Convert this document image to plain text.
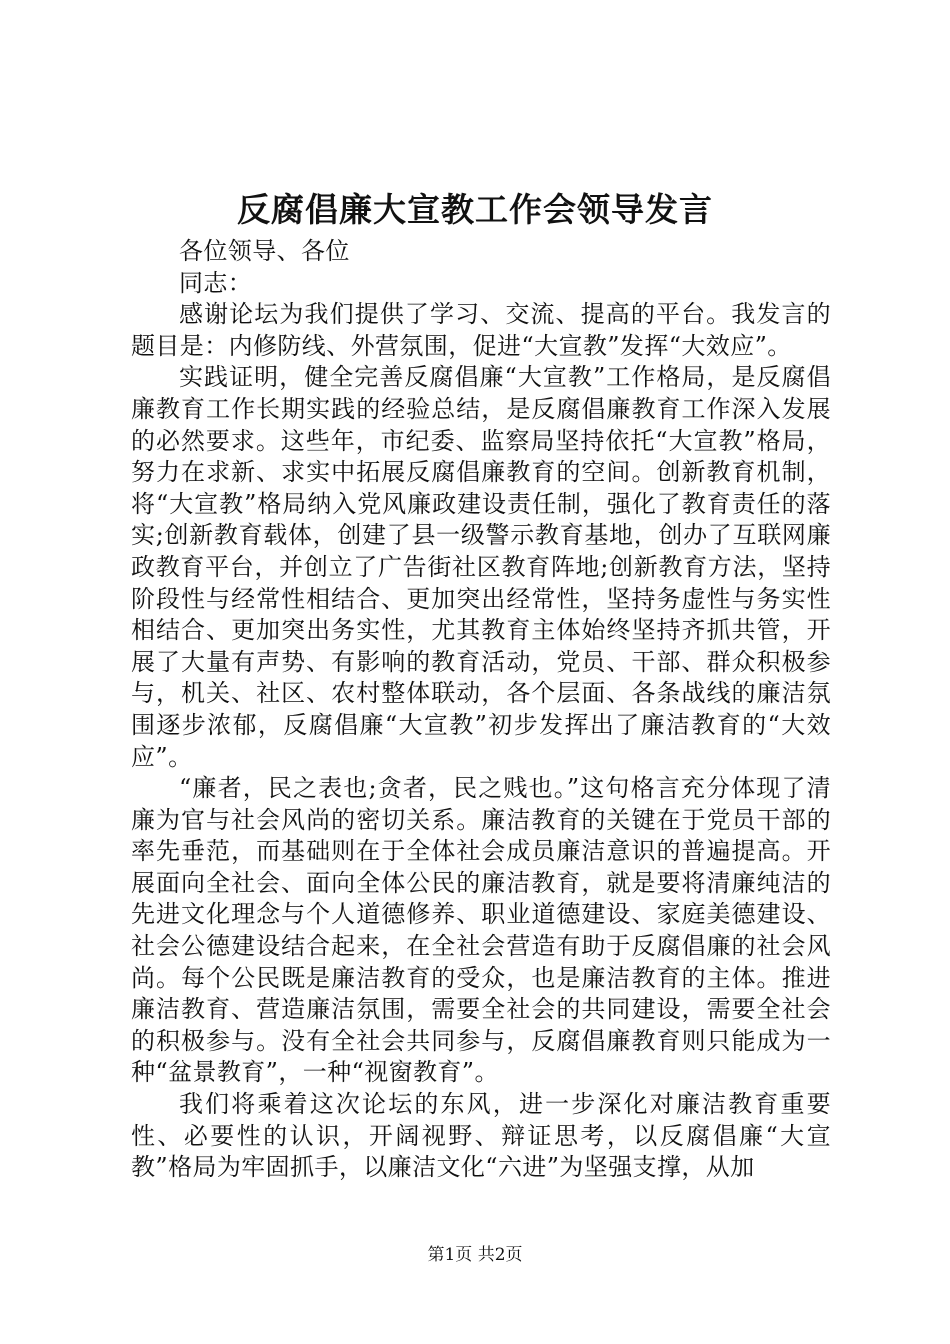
反腐倡廉大宣教工作会领导发言
各位领导、各位
同志：

感谢论坛为我们提供了学习、交流、提高的平台。我发言的题目是：内修防线、外营氛围，促进“大宣教”发挥“大效应”。

实践证明，健全完善反腐倡廉“大宣教”工作格局，是反腐倡廉教育工作长期实践的经验总结，是反腐倡廉教育工作深入发展的必然要求。这些年，市纪委、监察局坚持依托“大宣教”格局，努力在求新、求实中拓展反腐倡廉教育的空间。创新教育机制，将“大宣教”格局纳入党风廉政建设责任制，强化了教育责任的落实;创新教育载体，创建了县一级警示教育基地，创办了互联网廉政教育平台，并创立了广告街社区教育阵地;创新教育方法，坚持阶段性与经常性相结合、更加突出经常性，坚持务虚性与务实性相结合、更加突出务实性，尤其教育主体始终坚持齐抓共管，开展了大量有声势、有影响的教育活动，党员、干部、群众积极参与，机关、社区、农村整体联动，各个层面、各条战线的廉洁氛围逐步浓郁，反腐倡廉“大宣教”初步发挥出了廉洁教育的“大效应”。

“廉者，民之表也;贪者，民之贱也。”这句格言充分体现了清廉为官与社会风尚的密切关系。廉洁教育的关键在于党员干部的率先垂范，而基础则在于全体社会成员廉洁意识的普遍提高。开展面向全社会、面向全体公民的廉洁教育，就是要将清廉纯洁的先进文化理念与个人道德修养、职业道德建设、家庭美德建设、社会公德建设结合起来，在全社会营造有助于反腐倡廉的社会风尚。每个公民既是廉洁教育的受众，也是廉洁教育的主体。推进廉洁教育、营造廉洁氛围，需要全社会的共同建设，需要全社会的积极参与。没有全社会共同参与，反腐倡廉教育则只能成为一种“盆景教育”，一种“视窗教育”。

我们将乘着这次论坛的东风，进一步深化对廉洁教育重要性、必要性的认识，开阔视野、辩证思考，以反腐倡廉“大宣教”格局为牢固抓手，以廉洁文化“六进”为坚强支撑，从加

第1页 共2页
